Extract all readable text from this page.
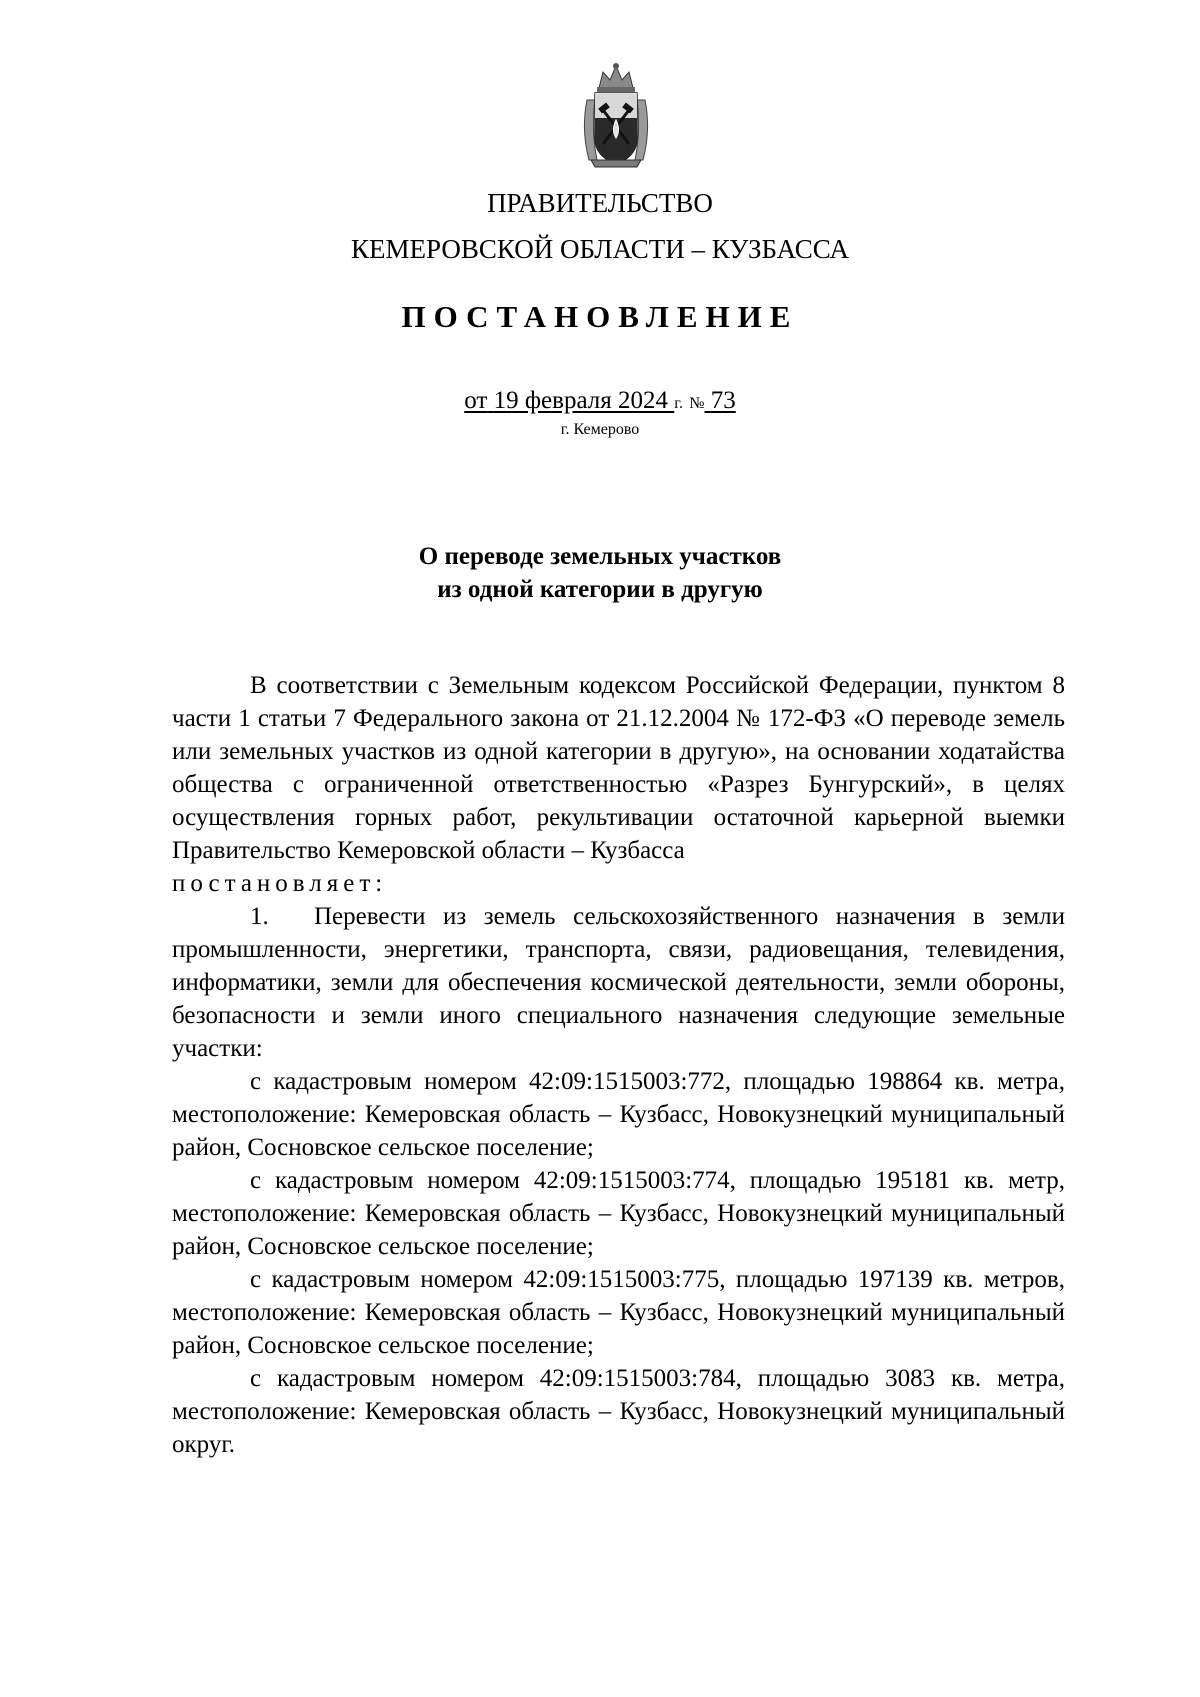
ПРАВИТЕЛЬСТВО
КЕМЕРОВСКОЙ ОБЛАСТИ – КУЗБАССА
ПОСТАНОВЛЕНИЕ
от 19 февраля 2024 г. № 73
г. Кемерово
О переводе земельных участков
из одной категории в другую

В соответствии с Земельным кодексом Российской Федерации, пунктом 8 части 1 статьи 7 Федерального закона от 21.12.2004 № 172-ФЗ «О переводе земель или земельных участков из одной категории в другую», на основании ходатайства общества с ограниченной ответственностью «Разрез Бунгурский», в целях осуществления горных работ, рекультивации остаточной карьерной выемки Правительство Кемеровской области – Кузбасса

постановляет:

1. Перевести из земель сельскохозяйственного назначения в земли промышленности, энергетики, транспорта, связи, радиовещания, телевидения, информатики, земли для обеспечения космической деятельности, земли обороны, безопасности и земли иного специального назначения следующие земельные участки:

с кадастровым номером 42:09:1515003:772, площадью 198864 кв. метра, местоположение: Кемеровская область – Кузбасс, Новокузнецкий муниципальный район, Сосновское сельское поселение;

с кадастровым номером 42:09:1515003:774, площадью 195181 кв. метр, местоположение: Кемеровская область – Кузбасс, Новокузнецкий муниципальный район, Сосновское сельское поселение;

с кадастровым номером 42:09:1515003:775, площадью 197139 кв. метров, местоположение: Кемеровская область – Кузбасс, Новокузнецкий муниципальный район, Сосновское сельское поселение;

с кадастровым номером 42:09:1515003:784, площадью 3083 кв. метра, местоположение: Кемеровская область – Кузбасс, Новокузнецкий муниципальный округ.
